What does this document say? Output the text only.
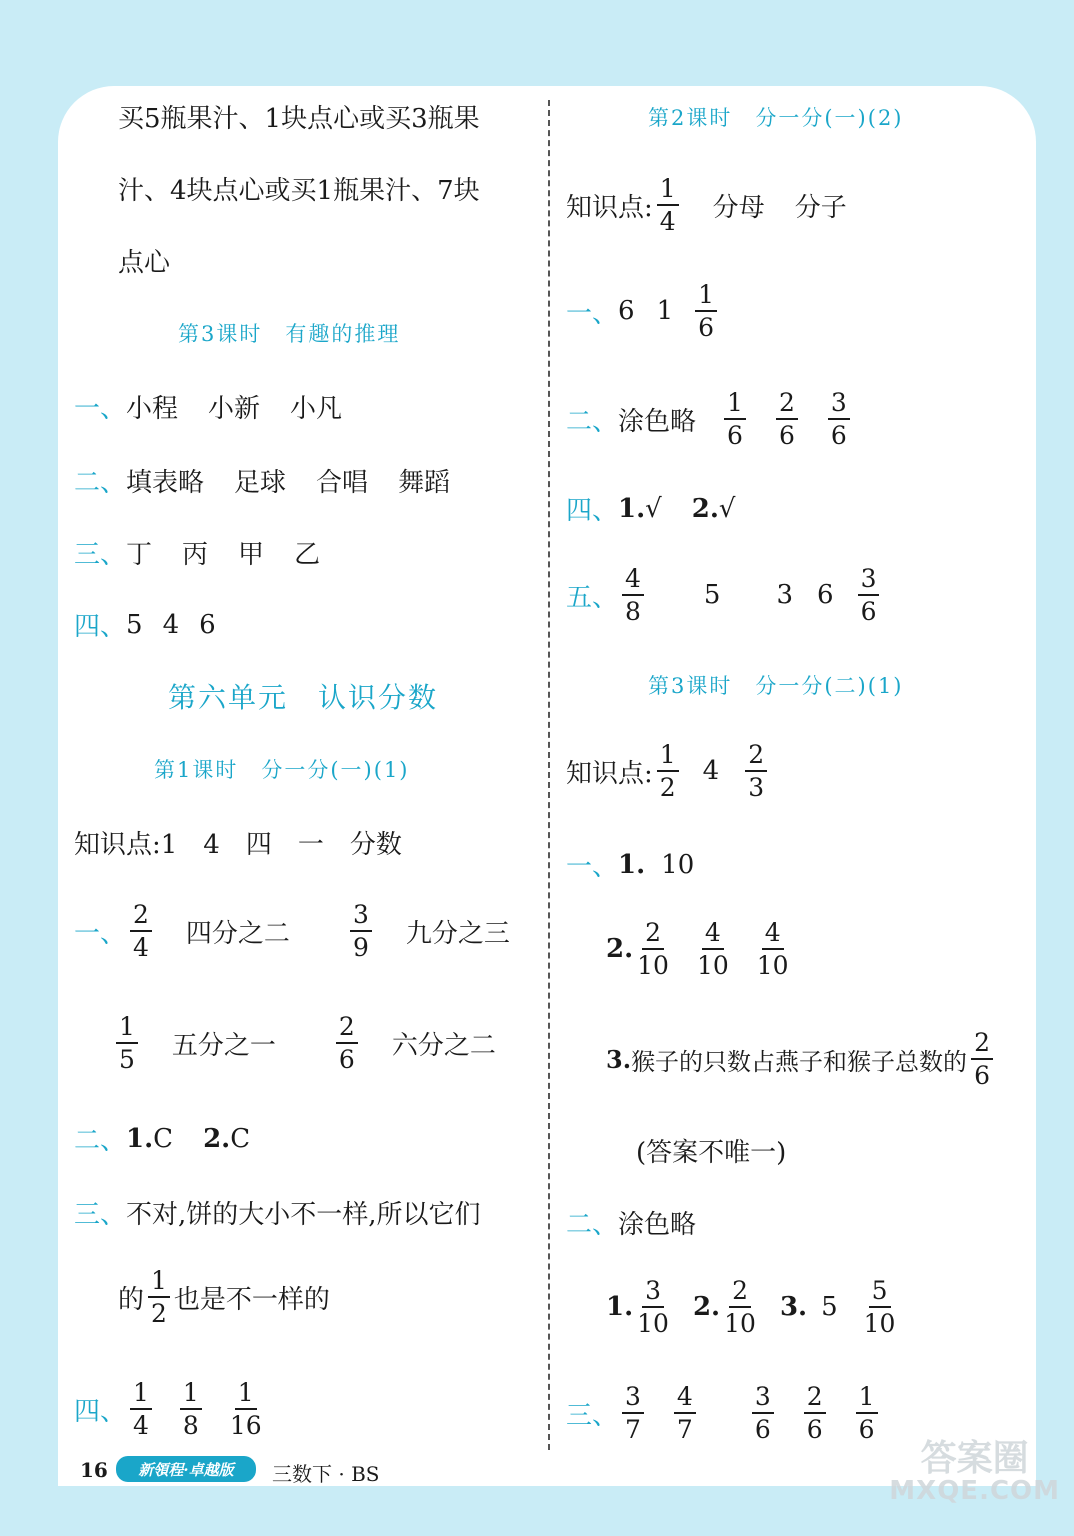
买5瓶果汁、1块点心或买3瓶果
汁、4块点心或买1瓶果汁、7块
点心
第3课时　有趣的推理
一、 小程 小新 小凡
二、 填表略 足球 合唱 舞蹈
三、 丁 丙 甲 乙
四、 5 4 6
第六单元　认识分数
第1课时　分一分(一)(1)
知识点:1　4　四　一　分数
一、 $\frac{2}{4}$ 四分之二 $\frac{3}{9}$ 九分之三
$\frac{1}{5}$ 五分之一 $\frac{2}{6}$ 六分之二
二、 1. C 2. C
三、 不对,饼的大小不一样,所以它们
的 $\frac{1}{2}$ 也是不一样的
四、 $\frac{1}{4} \frac{1}{8} \frac{1}{16}$
第2课时　分一分(一)(2)
知识点: $\frac{1}{4}$ 分母 分子
一、 6 $1 \frac{1}{6}$
二、 涂色略 $\frac{1}{6} \frac{2}{6} \frac{3}{6}$
四、 1. √ 2. √
五、 $\frac{4}{8} 5$ 3 $6 \frac{3}{6}$
第3课时　分一分(二)(1)
知识点: $\frac{1}{2} 4 \frac{2}{3}$
一、 1. 10
2. $\frac{2}{10} \frac{4}{10} \frac{4}{10}$
3. 猴子的只数占燕子和猴子总数的 $\frac{2}{6}$
(答案不唯一)
二、 涂色略
1. $\frac{3}{10} 2$. $\frac{2}{10} 3$. $5 \frac{5}{10}$
三、 $\frac{3}{7} \frac{4}{7} \frac{3}{6} \frac{2}{6} \frac{1}{6}$
16	新領程·卓越版	三数下 · BS	答案圈
MXQE.COM
